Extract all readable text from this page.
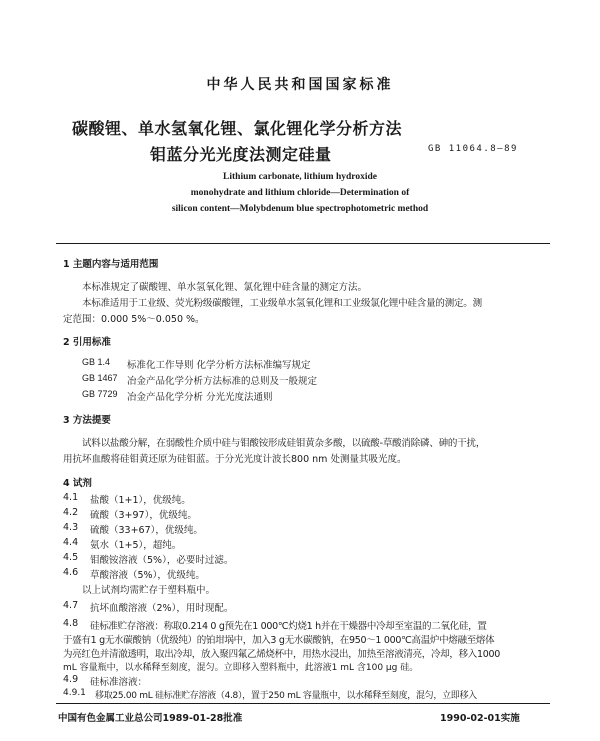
中华人民共和国国家标准
碳酸锂、单水氢氧化锂、氯化锂化学分析方法
钼蓝分光光度法测定硅量	GB 11064.8—89
Lithium carbonate, lithium hydroxide
monohydrate and lithium chloride—Determination of
silicon content—Molybdenum blue spectrophotometric method
1 主题内容与适用范围
本标准规定了碳酸锂、单水氢氧化锂、氯化锂中硅含量的测定方法。
本标准适用于工业级、荧光粉级碳酸锂，工业级单水氢氧化锂和工业级氯化锂中硅含量的测定。测
定范围：0.000 5%～0.050 %。
2 引用标准
GB 1.4 标准化工作导则 化学分析方法标准编写规定
GB 1467 冶金产品化学分析方法标准的总则及一般规定
GB 7729 冶金产品化学分析 分光光度法通则
3 方法提要
试料以盐酸分解，在弱酸性介质中硅与钼酸铵形成硅钼黄杂多酸，以硫酸-草酸消除磷、砷的干扰，
用抗坏血酸将硅钼黄还原为硅钼蓝。于分光光度计波长800 nm 处测量其吸光度。
4 试剂
4.1 盐酸（1+1），优级纯。
4.2 硫酸（3+97），优级纯。
4.3 硫酸（33+67），优级纯。
4.4 氨水（1+5），超纯。
4.5 钼酸铵溶液（5%），必要时过滤。
4.6 草酸溶液（5%），优级纯。
以上试剂均需贮存于塑料瓶中。
4.7 抗坏血酸溶液（2%），用时现配。
4.8 硅标准贮存溶液：称取0.214 0 g预先在1 000℃灼烧1 h并在干燥器中冷却至室温的二氧化硅，置
于盛有1 g无水碳酸钠（优级纯）的铂坩埚中，加入3 g无水碳酸钠，在950～1 000℃高温炉中熔融至熔体
为亮红色并清澈透明，取出冷却，放入聚四氟乙烯烧杯中，用热水浸出，加热至溶液清亮，冷却，移入1000
mL 容量瓶中，以水稀释至刻度，混匀。立即移入塑料瓶中，此溶液1 mL 含100 μg 硅。
中国有色金属工业总公司1989-01-28批准	1990-02-01实施
4.9 硅标准溶液：
4.9.1 移取25.00 mL 硅标准贮存溶液（4.8），置于250 mL 容量瓶中，以水稀释至刻度，混匀，立即移入
